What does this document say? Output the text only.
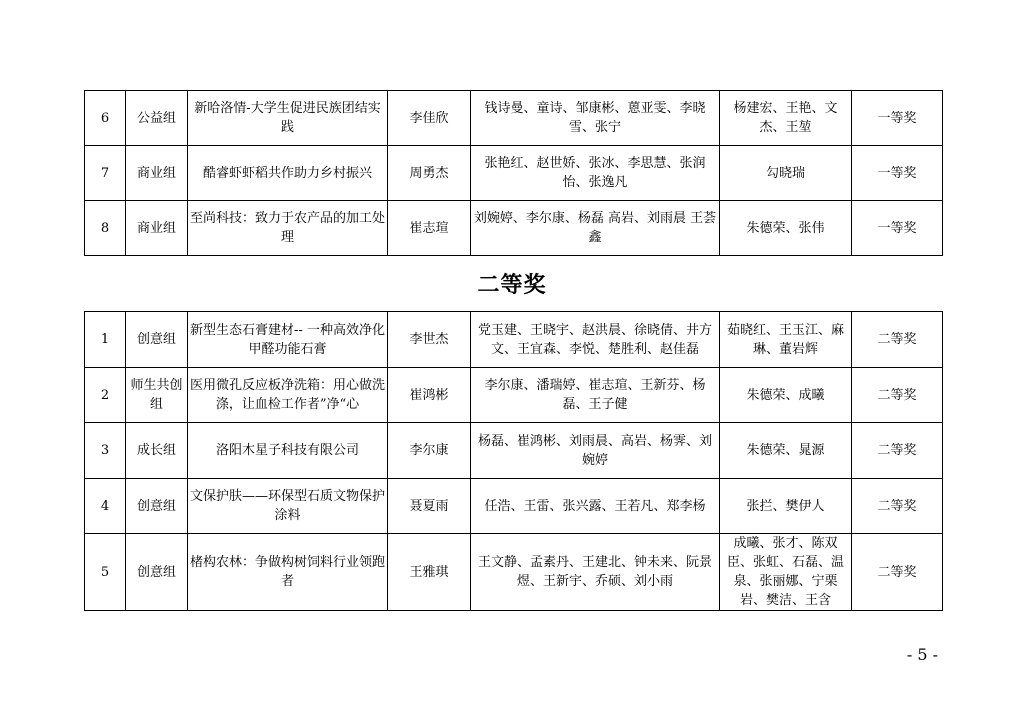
6	公益组	新哈洛情-大学生促进民族团结实践	李佳欣	钱诗曼、童诗、邹康彬、蒽亚雯、李晓雪、张宁	杨建宏、王艳、文杰、王堃	一等奖
7	商业组	酷睿虾虾稻共作助力乡村振兴	周勇杰	张艳红、赵世娇、张冰、李思慧、张润怡、张逸凡	勾晓瑞	一等奖
8	商业组	至尚科技：致力于农产品的加工处理	崔志瑄	刘婉婷、李尔康、杨磊 高岩、刘雨晨 王荟鑫	朱德荣、张伟	一等奖
二等奖
1	创意组	新型生态石膏建材-- 一种高效净化甲醛功能石膏	李世杰	党玉建、王晓宇、赵洪晨、徐晓倩、井方文、王宜森、李悦、楚胜利、赵佳磊	茹晓红、王玉江、麻琳、董岩辉	二等奖
2	师生共创组	医用微孔反应板净洗箱：用心做洗涤，让血检工作者”净“心	崔鸿彬	李尔康、潘瑞婷、崔志瑄、王新芬、杨磊、王子健	朱德荣、成曦	二等奖
3	成长组	洛阳木星子科技有限公司	李尔康	杨磊、崔鸿彬、刘雨晨、高岩、杨霁、刘婉婷	朱德荣、晁源	二等奖
4	创意组	文保护肤——环保型石质文物保护涂料	聂夏雨	任浩、王雷、张兴露、王若凡、郑李杨	张拦、樊伊人	二等奖
5	创意组	楮构农林：争做构树饲料行业领跑者	王雅琪	王文静、孟素丹、王建北、钟未来、阮景煜、王新宇、乔硕、刘小雨	成曦、张才、陈双臣、张虹、石磊、温泉、张丽娜、宁栗岩、樊洁、王含	二等奖
- 5 -
